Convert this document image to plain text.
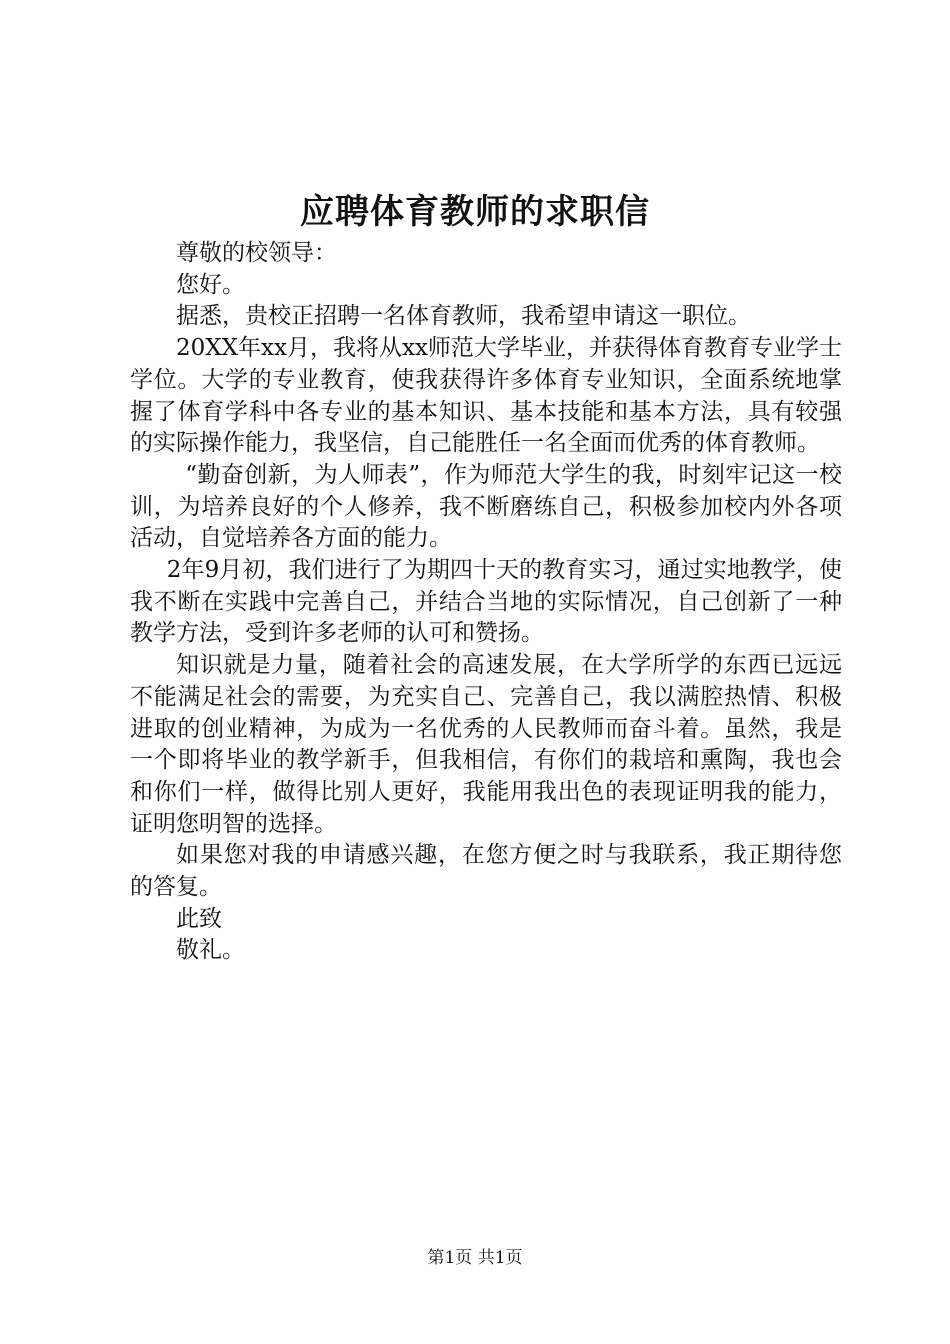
应聘体育教师的求职信

尊敬的校领导：

您好。

据悉，贵校正招聘一名体育教师，我希望申请这一职位。

20XX年xx月，我将从xx师范大学毕业，并获得体育教育专业学士学位。大学的专业教育，使我获得许多体育专业知识，全面系统地掌握了体育学科中各专业的基本知识、基本技能和基本方法，具有较强的实际操作能力，我坚信，自己能胜任一名全面而优秀的体育教师。

“勤奋创新，为人师表”，作为师范大学生的我，时刻牢记这一校训，为培养良好的个人修养，我不断磨练自己，积极参加校内外各项活动，自觉培养各方面的能力。

2年9月初，我们进行了为期四十天的教育实习，通过实地教学，使我不断在实践中完善自己，并结合当地的实际情况，自己创新了一种教学方法，受到许多老师的认可和赞扬。

知识就是力量，随着社会的高速发展，在大学所学的东西已远远不能满足社会的需要，为充实自己、完善自己，我以满腔热情、积极进取的创业精神，为成为一名优秀的人民教师而奋斗着。虽然，我是一个即将毕业的教学新手，但我相信，有你们的栽培和熏陶，我也会和你们一样，做得比别人更好，我能用我出色的表现证明我的能力，证明您明智的选择。

如果您对我的申请感兴趣，在您方便之时与我联系，我正期待您的答复。

此致

敬礼。

第1页 共1页
